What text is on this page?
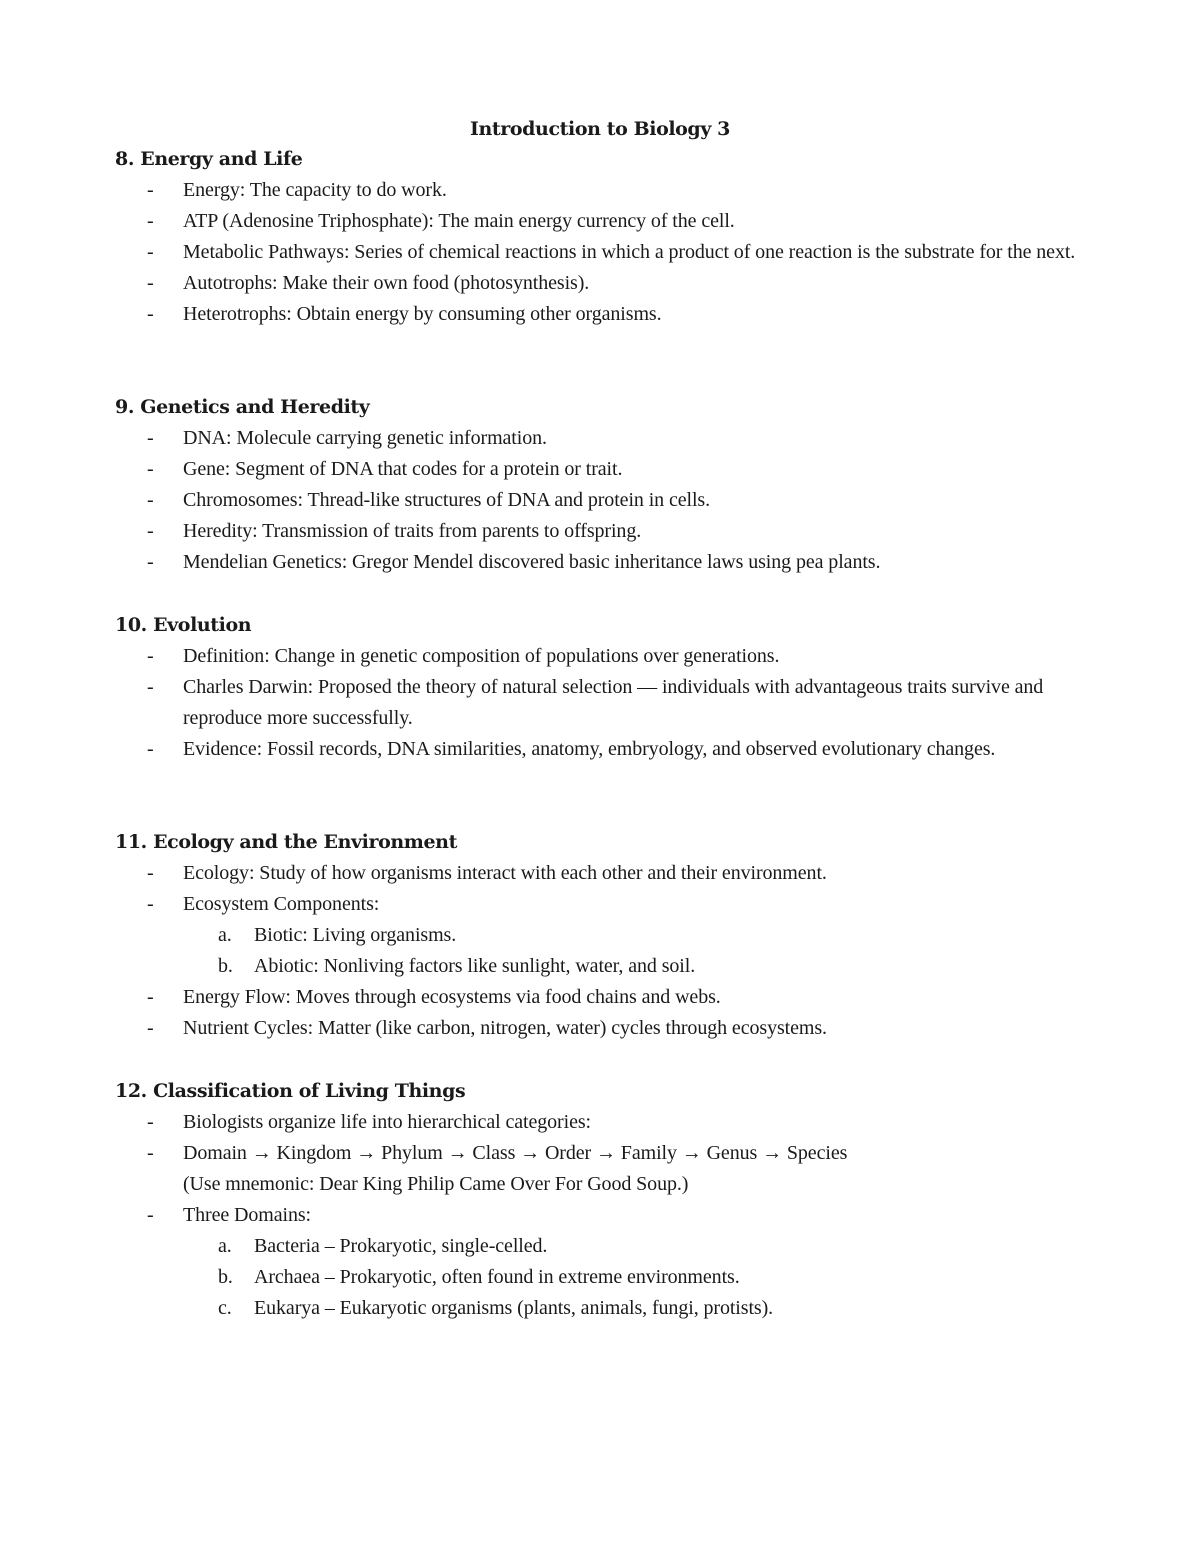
Introduction to Biology 3
8. Energy and Life
- Energy: The capacity to do work.
- ATP (Adenosine Triphosphate): The main energy currency of the cell.
- Metabolic Pathways: Series of chemical reactions in which a product of one reaction is the substrate for the next.
- Autotrophs: Make their own food (photosynthesis).
- Heterotrophs: Obtain energy by consuming other organisms.
9. Genetics and Heredity
- DNA: Molecule carrying genetic information.
- Gene: Segment of DNA that codes for a protein or trait.
- Chromosomes: Thread-like structures of DNA and protein in cells.
- Heredity: Transmission of traits from parents to offspring.
- Mendelian Genetics: Gregor Mendel discovered basic inheritance laws using pea plants.
10. Evolution
- Definition: Change in genetic composition of populations over generations.
- Charles Darwin: Proposed the theory of natural selection — individuals with advantageous traits survive and reproduce more successfully.
- Evidence: Fossil records, DNA similarities, anatomy, embryology, and observed evolutionary changes.
11. Ecology and the Environment
- Ecology: Study of how organisms interact with each other and their environment.
- Ecosystem Components:
a. Biotic: Living organisms.
b. Abiotic: Nonliving factors like sunlight, water, and soil.
- Energy Flow: Moves through ecosystems via food chains and webs.
- Nutrient Cycles: Matter (like carbon, nitrogen, water) cycles through ecosystems.
12. Classification of Living Things
- Biologists organize life into hierarchical categories:
- Domain → Kingdom → Phylum → Class → Order → Family → Genus → Species
(Use mnemonic: Dear King Philip Came Over For Good Soup.)
- Three Domains:
a. Bacteria – Prokaryotic, single-celled.
b. Archaea – Prokaryotic, often found in extreme environments.
c. Eukarya – Eukaryotic organisms (plants, animals, fungi, protists).
